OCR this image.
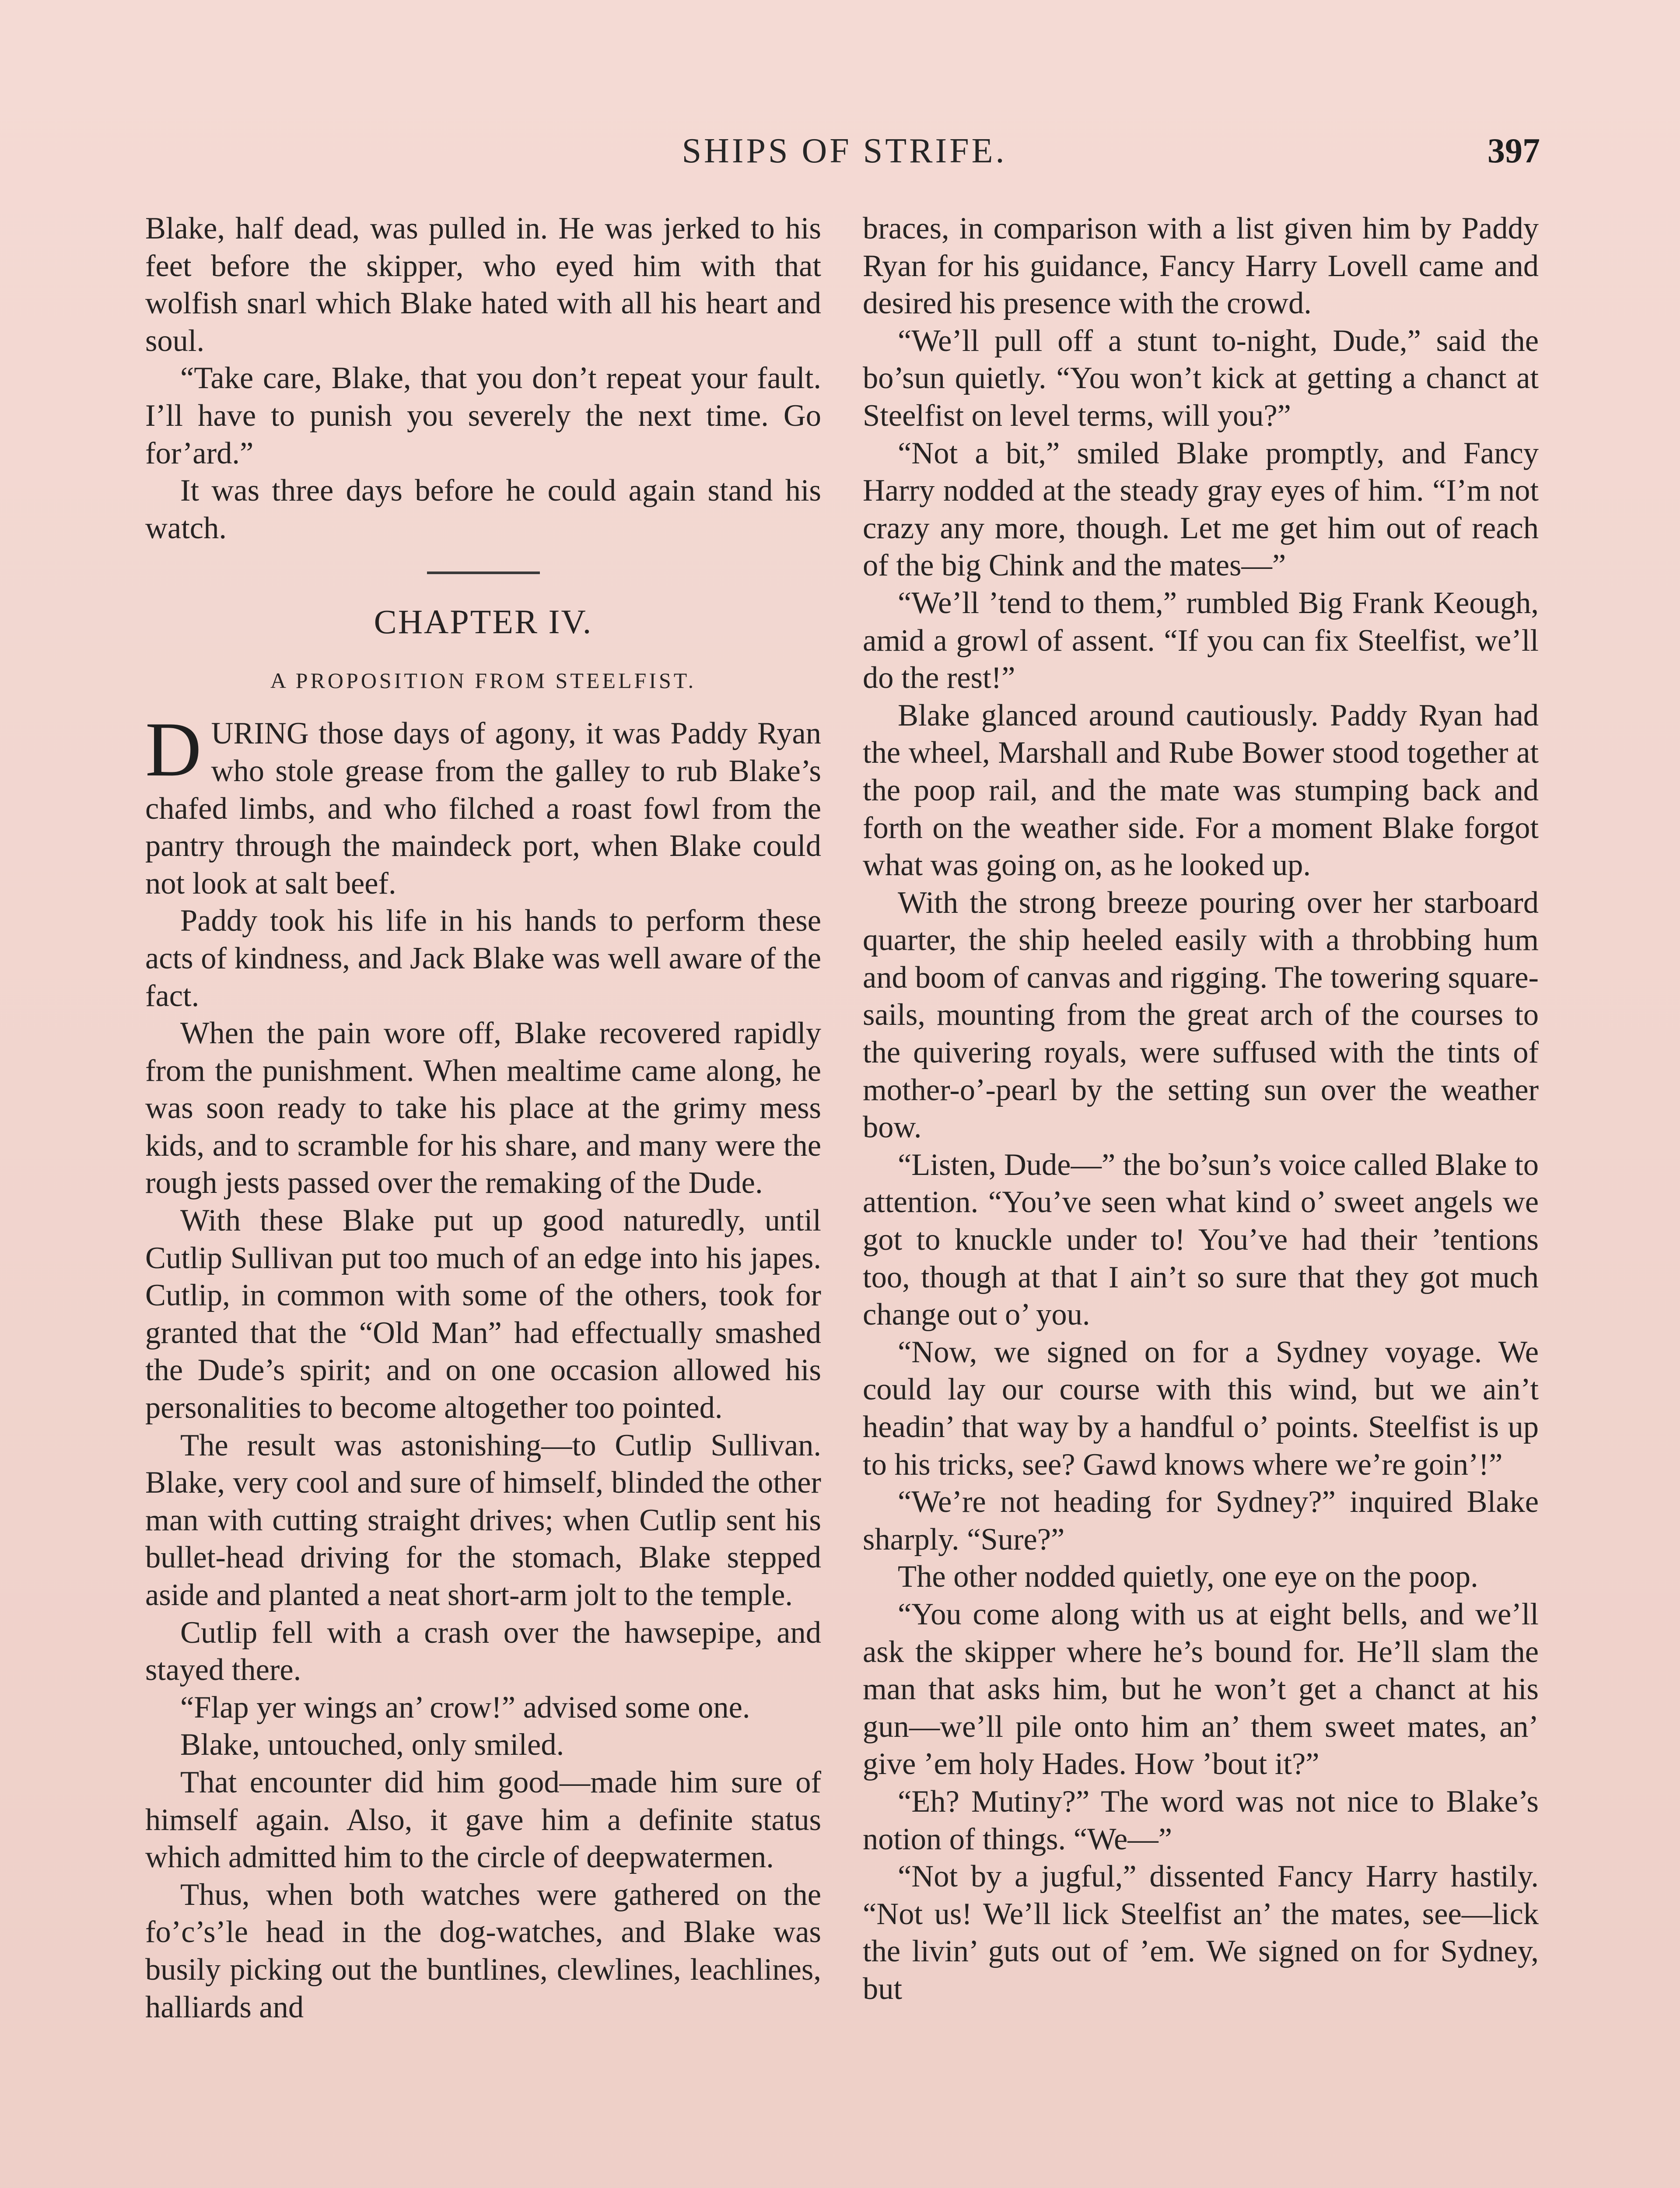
SHIPS OF STRIFE.	397

Blake, half dead, was pulled in. He was jerked to his feet before the skipper, who eyed him with that wolfish snarl which Blake hated with all his heart and soul.

“Take care, Blake, that you don’t repeat your fault. I’ll have to punish you severely the next time. Go for’ard.”

It was three days before he could again stand his watch.

CHAPTER IV.
A PROPOSITION FROM STEELFIST.

DURING those days of agony, it was Paddy Ryan who stole grease from the galley to rub Blake’s chafed limbs, and who filched a roast fowl from the pantry through the maindeck port, when Blake could not look at salt beef.

Paddy took his life in his hands to perform these acts of kindness, and Jack Blake was well aware of the fact.

When the pain wore off, Blake recovered rapidly from the punishment. When mealtime came along, he was soon ready to take his place at the grimy mess kids, and to scramble for his share, and many were the rough jests passed over the remaking of the Dude.

With these Blake put up good naturedly, until Cutlip Sullivan put too much of an edge into his japes. Cutlip, in common with some of the others, took for granted that the “Old Man” had effectually smashed the Dude’s spirit; and on one occasion allowed his personalities to become altogether too pointed.

The result was astonishing—to Cutlip Sullivan. Blake, very cool and sure of himself, blinded the other man with cutting straight drives; when Cutlip sent his bullet-head driving for the stomach, Blake stepped aside and planted a neat short-arm jolt to the temple.

Cutlip fell with a crash over the hawsepipe, and stayed there.

“Flap yer wings an’ crow!” advised some one.

Blake, untouched, only smiled.

That encounter did him good—made him sure of himself again. Also, it gave him a definite status which admitted him to the circle of deepwatermen.

Thus, when both watches were gathered on the fo’c’s’le head in the dog-watches, and Blake was busily picking out the buntlines, clewlines, leachlines, halliards and

braces, in comparison with a list given him by Paddy Ryan for his guidance, Fancy Harry Lovell came and desired his presence with the crowd.

“We’ll pull off a stunt to-night, Dude,” said the bo’sun quietly. “You won’t kick at getting a chanct at Steelfist on level terms, will you?”

“Not a bit,” smiled Blake promptly, and Fancy Harry nodded at the steady gray eyes of him. “I’m not crazy any more, though. Let me get him out of reach of the big Chink and the mates—”

“We’ll ’tend to them,” rumbled Big Frank Keough, amid a growl of assent. “If you can fix Steelfist, we’ll do the rest!”

Blake glanced around cautiously. Paddy Ryan had the wheel, Marshall and Rube Bower stood together at the poop rail, and the mate was stumping back and forth on the weather side. For a moment Blake forgot what was going on, as he looked up.

With the strong breeze pouring over her starboard quarter, the ship heeled easily with a throbbing hum and boom of canvas and rigging. The towering square-sails, mounting from the great arch of the courses to the quivering royals, were suffused with the tints of mother-o’-pearl by the setting sun over the weather bow.

“Listen, Dude—” the bo’sun’s voice called Blake to attention. “You’ve seen what kind o’ sweet angels we got to knuckle under to! You’ve had their ’tentions too, though at that I ain’t so sure that they got much change out o’ you.

“Now, we signed on for a Sydney voyage. We could lay our course with this wind, but we ain’t headin’ that way by a handful o’ points. Steelfist is up to his tricks, see? Gawd knows where we’re goin’!”

“We’re not heading for Sydney?” inquired Blake sharply. “Sure?”

The other nodded quietly, one eye on the poop.

“You come along with us at eight bells, and we’ll ask the skipper where he’s bound for. He’ll slam the man that asks him, but he won’t get a chanct at his gun—we’ll pile onto him an’ them sweet mates, an’ give ’em holy Hades. How ’bout it?”

“Eh? Mutiny?” The word was not nice to Blake’s notion of things. “We—”

“Not by a jugful,” dissented Fancy Harry hastily. “Not us! We’ll lick Steelfist an’ the mates, see—lick the livin’ guts out of ’em. We signed on for Sydney, but
